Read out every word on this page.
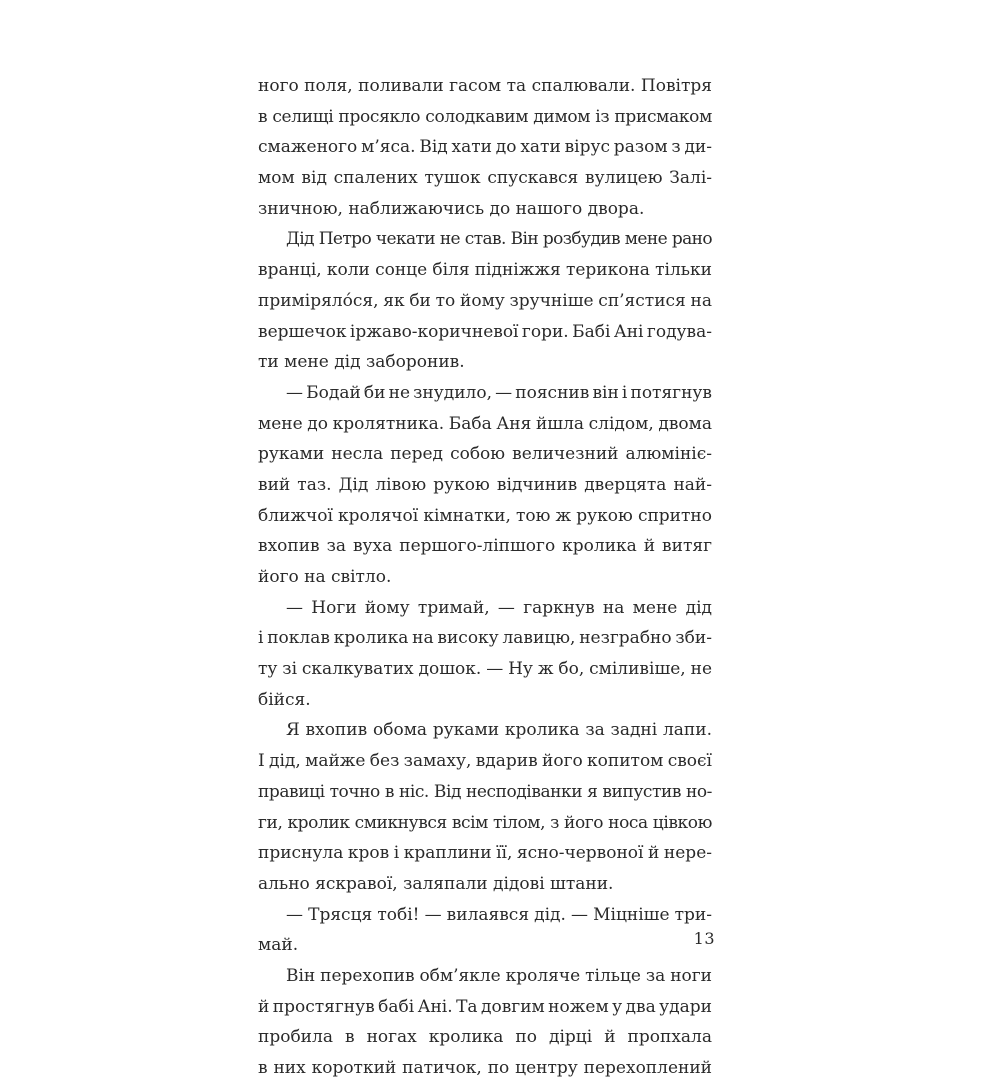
ного поля, поливали гасом та спалювали. Повітря
в селищі просякло солодкавим димом із присмаком
смаженого м’яса. Від хати до хати вірус разом з ди-
мом від спалених тушок спускався вулицею Залі-
зничною, наближаючись до нашого двора.
Дід Петро чекати не став. Він розбудив мене рано
вранці, коли сонце біля підніжжя терикона тільки
приміряло́ся, як би то йому зручніше сп’ястися на
вершечок іржаво-коричневої гори. Бабі Ані годува-
ти мене дід заборонив.
— Бодай би не знудило, — пояснив він і потягнув
мене до кролятника. Баба Аня йшла слідом, двома
руками несла перед собою величезний алюмініє-
вий таз. Дід лівою рукою відчинив дверцята най-
ближчої кролячої кімнатки, тою ж рукою спритно
вхопив за вуха першого-ліпшого кролика й витяг
його на світло.
— Ноги йому тримай, — гаркнув на мене дід
і поклав кролика на високу лавицю, незграбно зби-
ту зі скалкуватих дошок. — Ну ж бо, сміливіше, не
бійся.
Я вхопив обома руками кролика за задні лапи.
І дід, майже без замаху, вдарив його копитом своєї
правиці точно в ніс. Від несподіванки я випустив но-
ги, кролик смикнувся всім тілом, з його носа цівкою
приснула кров і краплини її, ясно-червоної й нере-
ально яскравої, заляпали дідові штани.
— Трясця тобі! — вилаявся дід. — Міцніше три-
май.
Він перехопив обм’якле кроляче тільце за ноги
й простягнув бабі Ані. Та довгим ножем у два удари
пробила в ногах кролика по дірці й пропхала
в них короткий патичок, по центру перехоплений
13
